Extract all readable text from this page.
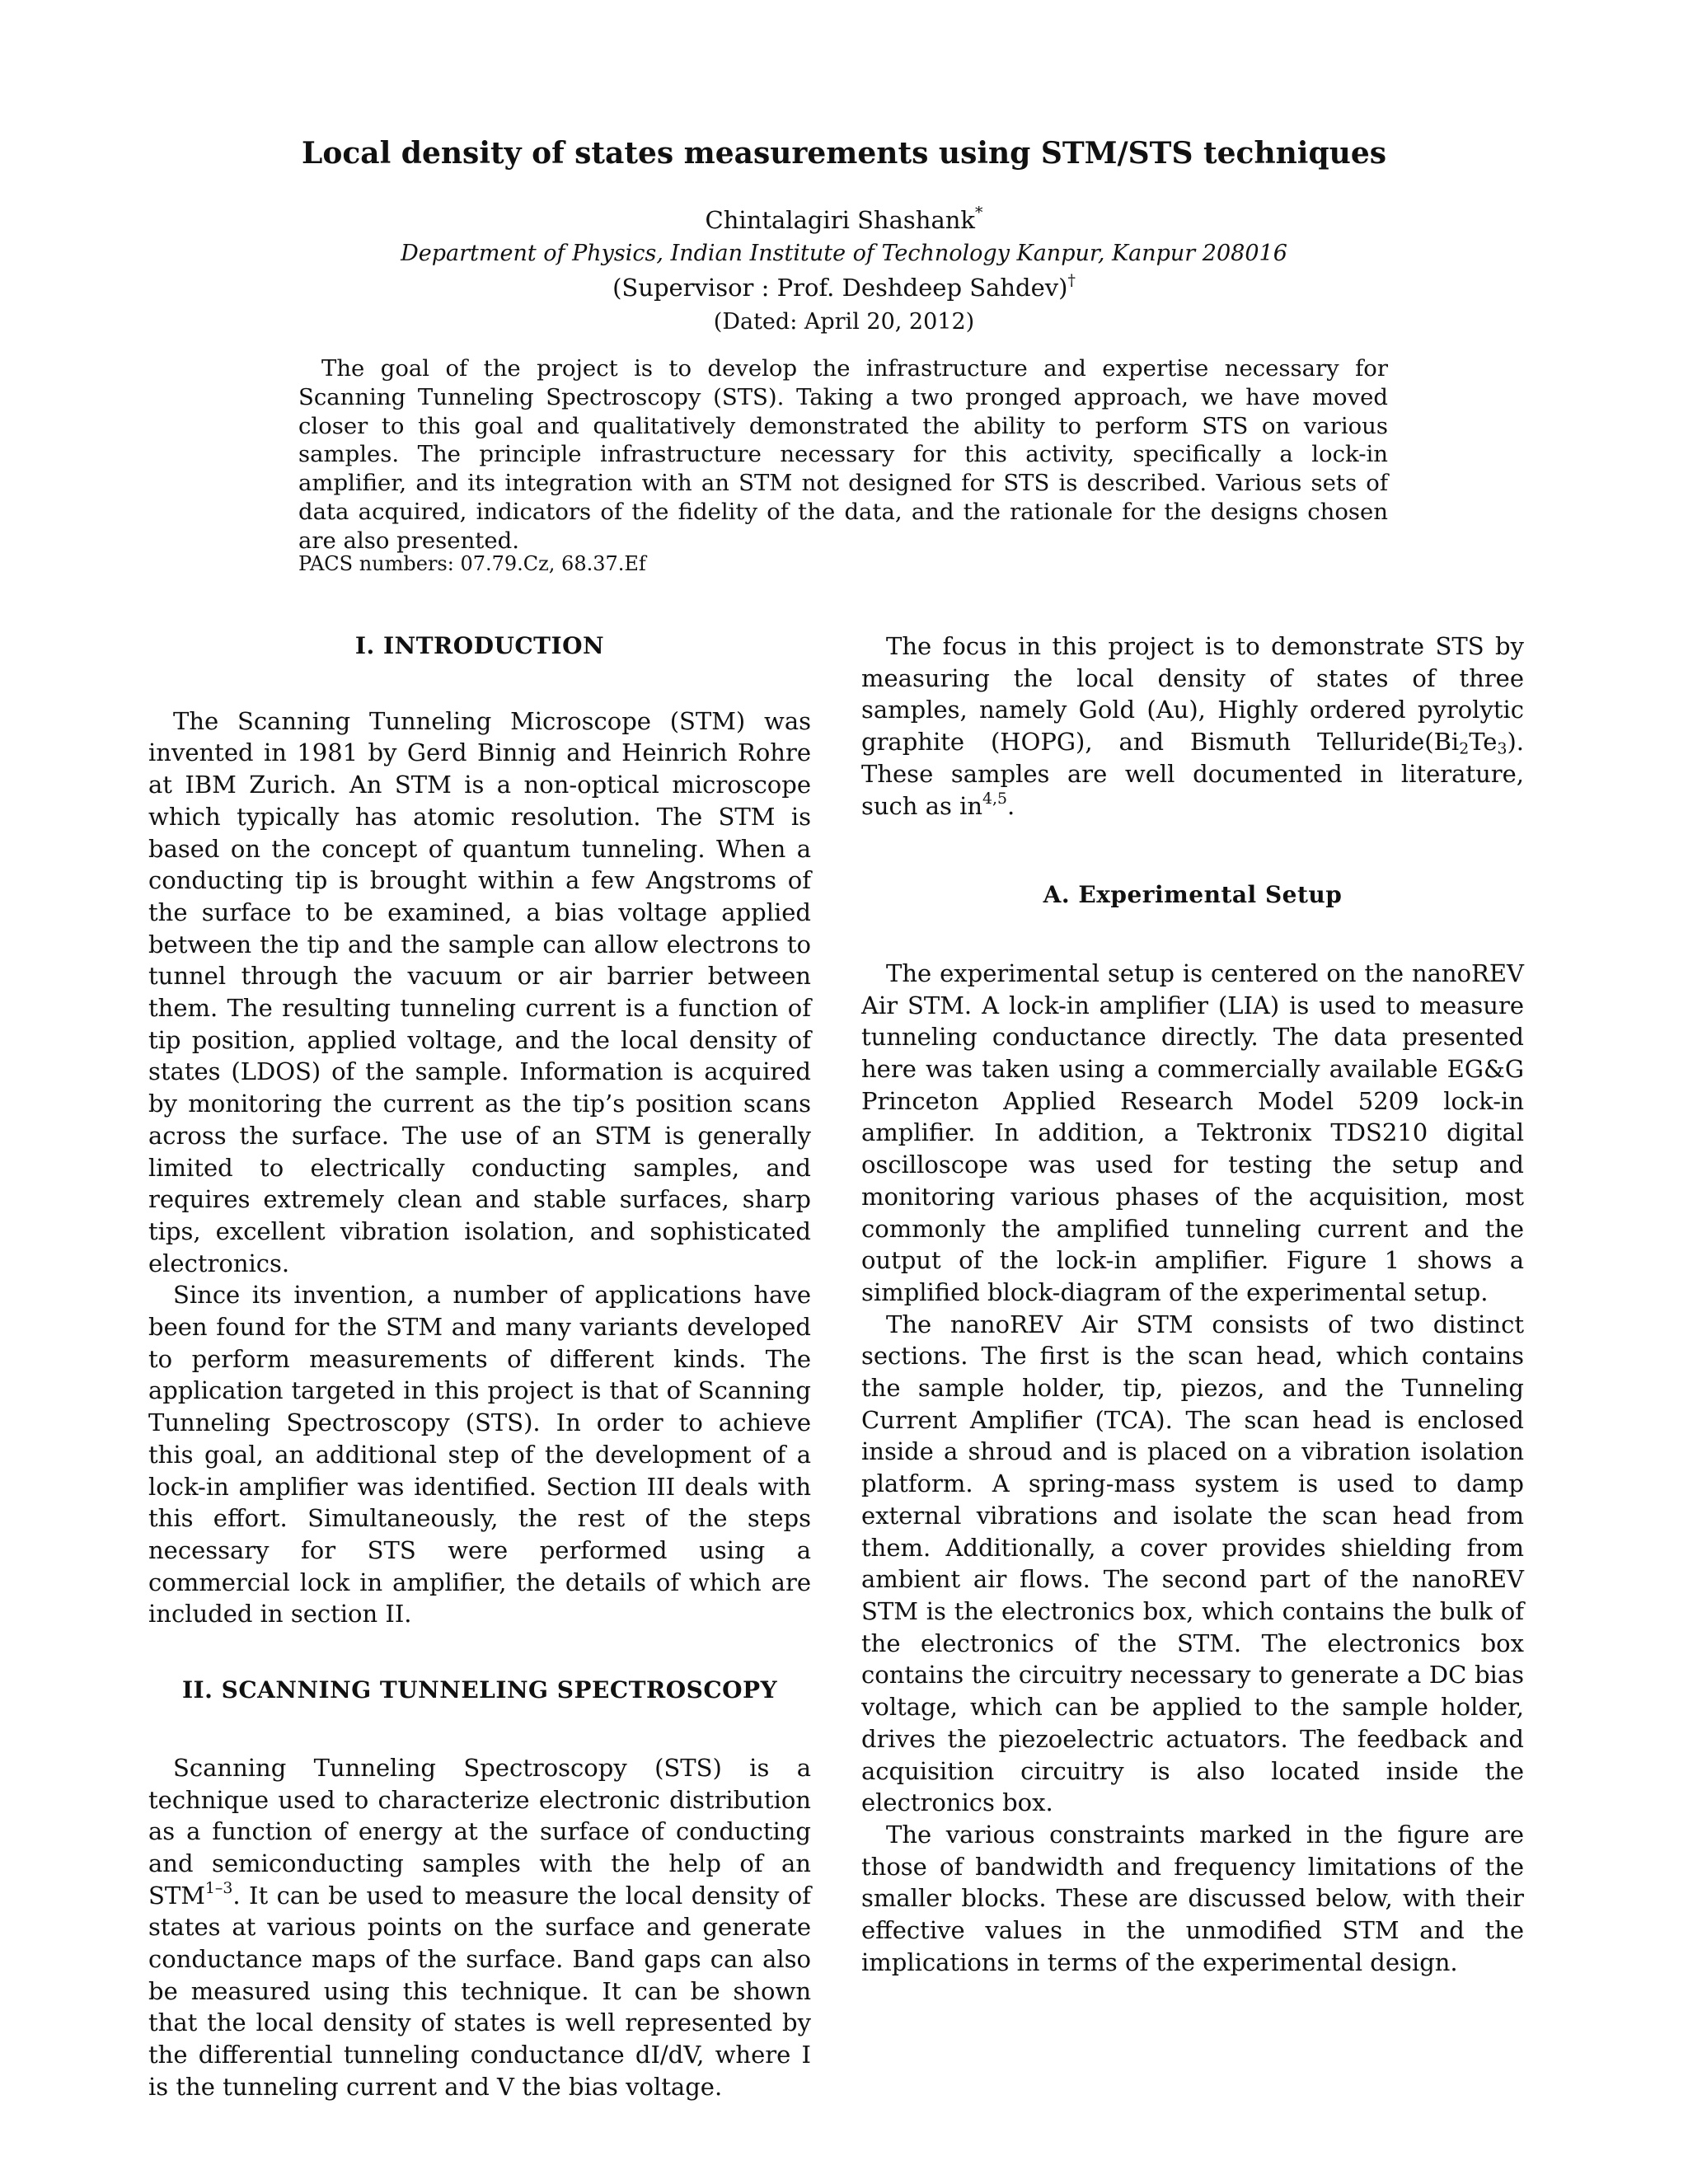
Local density of states measurements using STM/STS techniques

Chintalagiri Shashank*

Department of Physics, Indian Institute of Technology Kanpur, Kanpur 208016

(Supervisor : Prof. Deshdeep Sahdev)†

(Dated: April 20, 2012)

The goal of the project is to develop the infrastructure and expertise necessary for Scanning Tunneling Spectroscopy (STS). Taking a two pronged approach, we have moved closer to this goal and qualitatively demonstrated the ability to perform STS on various samples. The principle infrastructure necessary for this activity, specifically a lock-in amplifier, and its integration with an STM not designed for STS is described. Various sets of data acquired, indicators of the fidelity of the data, and the rationale for the designs chosen are also presented.

PACS numbers: 07.79.Cz, 68.37.Ef

I. INTRODUCTION

The Scanning Tunneling Microscope (STM) was invented in 1981 by Gerd Binnig and Heinrich Rohre at IBM Zurich. An STM is a non-optical microscope which typically has atomic resolution. The STM is based on the concept of quantum tunneling. When a conducting tip is brought within a few Angstroms of the surface to be examined, a bias voltage applied between the tip and the sample can allow electrons to tunnel through the vacuum or air barrier between them. The resulting tunneling current is a function of tip position, applied voltage, and the local density of states (LDOS) of the sample. Information is acquired by monitoring the current as the tip’s position scans across the surface. The use of an STM is generally limited to electrically conducting samples, and requires extremely clean and stable surfaces, sharp tips, excellent vibration isolation, and sophisticated electronics.

Since its invention, a number of applications have been found for the STM and many variants developed to perform measurements of different kinds. The application targeted in this project is that of Scanning Tunneling Spectroscopy (STS). In order to achieve this goal, an additional step of the development of a lock-in amplifier was identified. Section III deals with this effort. Simultaneously, the rest of the steps necessary for STS were performed using a commercial lock in amplifier, the details of which are included in section II.

II. SCANNING TUNNELING SPECTROSCOPY

Scanning Tunneling Spectroscopy (STS) is a technique used to characterize electronic distribution as a function of energy at the surface of conducting and semiconducting samples with the help of an STM$^{1-3}$. It can be used to measure the local density of states at various points on the surface and generate conductance maps of the surface. Band gaps can also be measured using this technique. It can be shown that the local density of states is well represented by the differential tunneling conductance dI/dV, where I is the tunneling current and V the bias voltage.

The focus in this project is to demonstrate STS by measuring the local density of states of three samples, namely Gold (Au), Highly ordered pyrolytic graphite (HOPG), and Bismuth $Telluride(Bi_2Te_3)$. These samples are well documented in literature, such as in$^{4,5}$.

A. Experimental Setup

The experimental setup is centered on the nanoREV Air STM. A lock-in amplifier (LIA) is used to measure tunneling conductance directly. The data presented here was taken using a commercially available EG&G Princeton Applied Research Model 5209 lock-in amplifier. In addition, a Tektronix TDS210 digital oscilloscope was used for testing the setup and monitoring various phases of the acquisition, most commonly the amplified tunneling current and the output of the lock-in amplifier. Figure 1 shows a simplified block-diagram of the experimental setup.

The nanoREV Air STM consists of two distinct sections. The first is the scan head, which contains the sample holder, tip, piezos, and the Tunneling Current Amplifier (TCA). The scan head is enclosed inside a shroud and is placed on a vibration isolation platform. A spring-mass system is used to damp external vibrations and isolate the scan head from them. Additionally, a cover provides shielding from ambient air flows. The second part of the nanoREV STM is the electronics box, which contains the bulk of the electronics of the STM. The electronics box contains the circuitry necessary to generate a DC bias voltage, which can be applied to the sample holder, drives the piezoelectric actuators. The feedback and acquisition circuitry is also located inside the electronics box.

The various constraints marked in the figure are those of bandwidth and frequency limitations of the smaller blocks. These are discussed below, with their effective values in the unmodified STM and the implications in terms of the experimental design.
